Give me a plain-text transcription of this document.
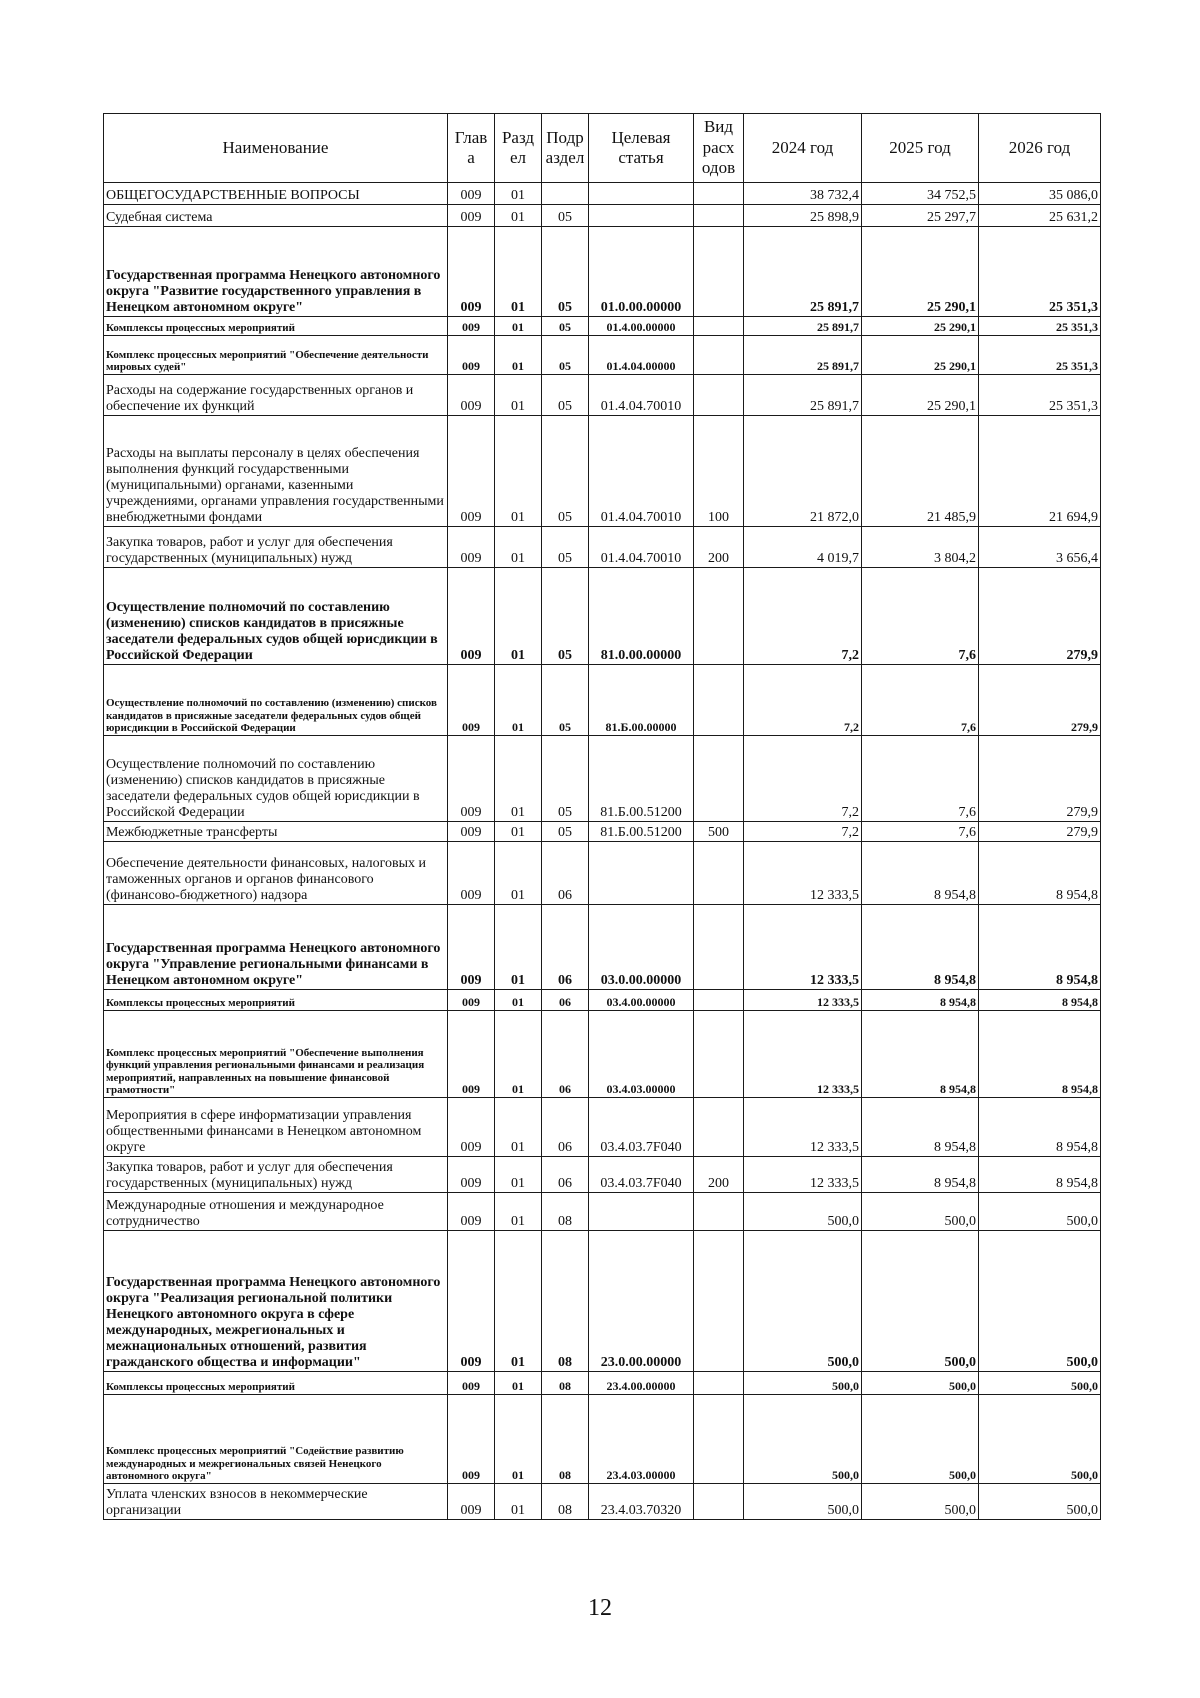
Наименование	Глав а	Разд ел	Подр аздел	Целевая статья	Вид расх одов	2024 год	2025 год	2026 год
ОБЩЕГОСУДАРСТВЕННЫЕ ВОПРОСЫ	009	01				38 732,4	34 752,5	35 086,0
Судебная система	009	01	05			25 898,9	25 297,7	25 631,2
Государственная программа Ненецкого автономного округа "Развитие государственного управления в Ненецком автономном округе"	009	01	05	01.0.00.00000		25 891,7	25 290,1	25 351,3
Комплексы процессных мероприятий	009	01	05	01.4.00.00000		25 891,7	25 290,1	25 351,3
Комплекс процессных мероприятий "Обеспечение деятельности мировых судей"	009	01	05	01.4.04.00000		25 891,7	25 290,1	25 351,3
Расходы на содержание государственных органов и обеспечение их функций	009	01	05	01.4.04.70010		25 891,7	25 290,1	25 351,3
Расходы на выплаты персоналу в целях обеспечения выполнения функций государственными (муниципальными) органами, казенными учреждениями, органами управления государственными внебюджетными фондами	009	01	05	01.4.04.70010	100	21 872,0	21 485,9	21 694,9
Закупка товаров, работ и услуг для обеспечения государственных (муниципальных) нужд	009	01	05	01.4.04.70010	200	4 019,7	3 804,2	3 656,4
Осуществление полномочий по составлению (изменению) списков кандидатов в присяжные заседатели федеральных судов общей юрисдикции в Российской Федерации	009	01	05	81.0.00.00000		7,2	7,6	279,9
Осуществление полномочий по составлению (изменению) списков кандидатов в присяжные заседатели федеральных судов общей юрисдикции в Российской Федерации	009	01	05	81.Б.00.00000		7,2	7,6	279,9
Осуществление полномочий по составлению (изменению) списков кандидатов в присяжные заседатели федеральных судов общей юрисдикции в Российской Федерации	009	01	05	81.Б.00.51200		7,2	7,6	279,9
Межбюджетные трансферты	009	01	05	81.Б.00.51200	500	7,2	7,6	279,9
Обеспечение деятельности финансовых, налоговых и таможенных органов и органов финансового (финансово-бюджетного) надзора	009	01	06			12 333,5	8 954,8	8 954,8
Государственная программа Ненецкого автономного округа "Управление региональными финансами в Ненецком автономном округе"	009	01	06	03.0.00.00000		12 333,5	8 954,8	8 954,8
Комплексы процессных мероприятий	009	01	06	03.4.00.00000		12 333,5	8 954,8	8 954,8
Комплекс процессных мероприятий "Обеспечение выполнения функций управления региональными финансами и реализация мероприятий, направленных на повышение финансовой грамотности"	009	01	06	03.4.03.00000		12 333,5	8 954,8	8 954,8
Мероприятия в сфере информатизации управления общественными финансами в Ненецком автономном округе	009	01	06	03.4.03.7F040		12 333,5	8 954,8	8 954,8
Закупка товаров, работ и услуг для обеспечения государственных (муниципальных) нужд	009	01	06	03.4.03.7F040	200	12 333,5	8 954,8	8 954,8
Международные отношения и международное сотрудничество	009	01	08			500,0	500,0	500,0
Государственная программа Ненецкого автономного округа "Реализация региональной политики Ненецкого автономного округа в сфере международных, межрегиональных и межнациональных отношений, развития гражданского общества и информации"	009	01	08	23.0.00.00000		500,0	500,0	500,0
Комплексы процессных мероприятий	009	01	08	23.4.00.00000		500,0	500,0	500,0
Комплекс процессных мероприятий "Содействие развитию международных и межрегиональных связей Ненецкого автономного округа"	009	01	08	23.4.03.00000		500,0	500,0	500,0
Уплата членских взносов в некоммерческие организации	009	01	08	23.4.03.70320		500,0	500,0	500,0
12
